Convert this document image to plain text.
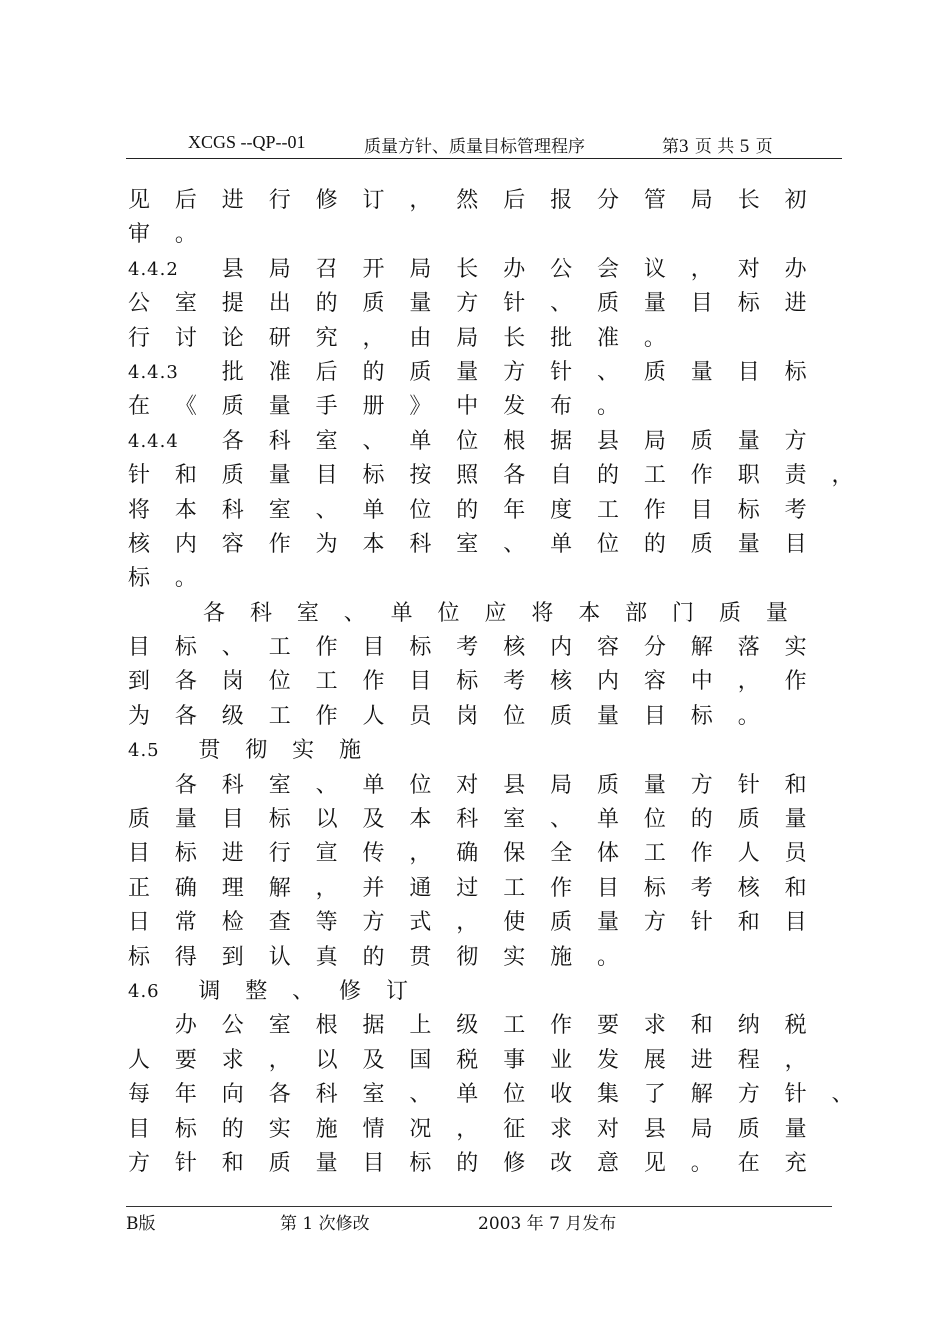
XCGS --QP--01	质量方针、质量目标管理程序	第3 页 共 5 页
见 后 进 行 修 订 ， 然 后 报 分 管 局 长 初
审 。
4.4.2 县 局 召 开 局 长 办 公 会 议 ， 对 办
公 室 提 出 的 质 量 方 针 、 质 量 目 标 进
行 讨 论 研 究 ， 由 局 长 批 准 。
4.4.3 批 准 后 的 质 量 方 针 、 质 量 目 标
在 《 质 量 手 册 》 中 发 布 。
4.4.4 各 科 室 、 单 位 根 据 县 局 质 量 方
针 和 质 量 目 标 按 照 各 自 的 工 作 职 责 ，
将 本 科 室 、 单 位 的 年 度 工 作 目 标 考
核 内 容 作 为 本 科 室 、 单 位 的 质 量 目
标 。
各 科 室 、 单 位 应 将 本 部 门 质 量
目 标 、 工 作 目 标 考 核 内 容 分 解 落 实
到 各 岗 位 工 作 目 标 考 核 内 容 中 ， 作
为 各 级 工 作 人 员 岗 位 质 量 目 标 。
4.5 贯 彻 实 施
各 科 室 、 单 位 对 县 局 质 量 方 针 和
质 量 目 标 以 及 本 科 室 、 单 位 的 质 量
目 标 进 行 宣 传 ， 确 保 全 体 工 作 人 员
正 确 理 解 ， 并 通 过 工 作 目 标 考 核 和
日 常 检 查 等 方 式 ， 使 质 量 方 针 和 目
标 得 到 认 真 的 贯 彻 实 施 。
4.6 调 整 、 修 订
办 公 室 根 据 上 级 工 作 要 求 和 纳 税
人 要 求 ， 以 及 国 税 事 业 发 展 进 程 ，
每 年 向 各 科 室 、 单 位 收 集 了 解 方 针 、
目 标 的 实 施 情 况 ， 征 求 对 县 局 质 量
方 针 和 质 量 目 标 的 修 改 意 见 。 在 充
B版	第 1 次修改	2003 年 7 月发布
